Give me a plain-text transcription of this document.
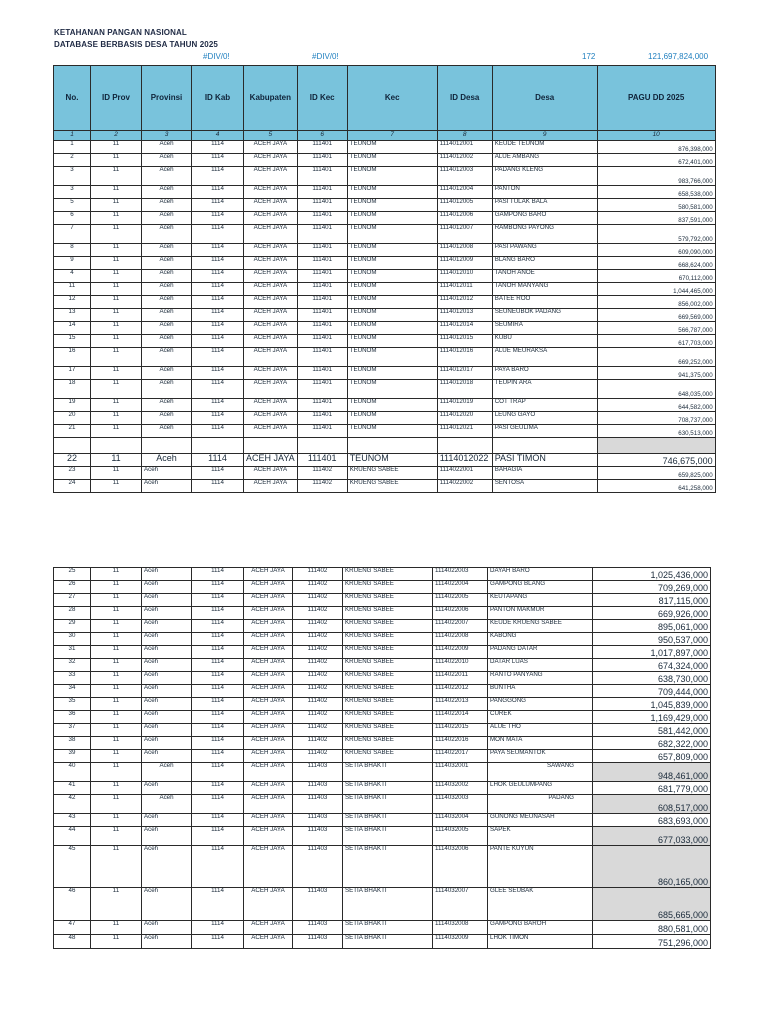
KETAHANAN PANGAN NASIONAL
DATABASE BERBASIS DESA TAHUN 2025
#DIV/0!	#DIV/0!	172	121,697,824,000
No.	ID Prov	Provinsi	ID Kab	Kabupaten	ID Kec	Kec	ID Desa	Desa	PAGU DD 2025
1	2	3	4	5	6	7	8	9	10
1	11	Aceh	1114	ACEH JAYA	111401	TEUNOM	1114012001	KEUDE TEUNOM	876,398,000
2	11	Aceh	1114	ACEH JAYA	111401	TEUNOM	1114012002	ALUE AMBANG	672,401,000
3	11	Aceh	1114	ACEH JAYA	111401	TEUNOM	1114012003	PADANG KLENG	983,766,000
3	11	Aceh	1114	ACEH JAYA	111401	TEUNOM	1114012004	PANTON	658,538,000
5	11	Aceh	1114	ACEH JAYA	111401	TEUNOM	1114012005	PASI TULAK BALA	580,581,000
6	11	Aceh	1114	ACEH JAYA	111401	TEUNOM	1114012006	GAMPONG BARO	837,591,000
7	11	Aceh	1114	ACEH JAYA	111401	TEUNOM	1114012007	RAMBONG PAYONG	579,792,000
8	11	Aceh	1114	ACEH JAYA	111401	TEUNOM	1114012008	PASI PAWANG	609,090,000
9	11	Aceh	1114	ACEH JAYA	111401	TEUNOM	1114012009	BLANG BARO	668,624,000
4	11	Aceh	1114	ACEH JAYA	111401	TEUNOM	1114012010	TANOH ANOE	670,112,000
11	11	Aceh	1114	ACEH JAYA	111401	TEUNOM	1114012011	TANOH MANYANG	1,044,465,000
12	11	Aceh	1114	ACEH JAYA	111401	TEUNOM	1114012012	BATEE ROO	856,002,000
13	11	Aceh	1114	ACEH JAYA	111401	TEUNOM	1114012013	SEUNEUBOK PADANG	669,569,000
14	11	Aceh	1114	ACEH JAYA	111401	TEUNOM	1114012014	SEUMIRA	566,787,000
15	11	Aceh	1114	ACEH JAYA	111401	TEUNOM	1114012015	KUBU	617,703,000
16	11	Aceh	1114	ACEH JAYA	111401	TEUNOM	1114012016	ALUE MEURAKSA	669,252,000
17	11	Aceh	1114	ACEH JAYA	111401	TEUNOM	1114012017	PAYA BARO	941,375,000
18	11	Aceh	1114	ACEH JAYA	111401	TEUNOM	1114012018	TEUPIN ARA	648,035,000
19	11	Aceh	1114	ACEH JAYA	111401	TEUNOM	1114012019	COT TRAP	644,582,000
20	11	Aceh	1114	ACEH JAYA	111401	TEUNOM	1114012020	LEUNG GAYO	708,737,000
21	11	Aceh	1114	ACEH JAYA	111401	TEUNOM	1114012021	PASI GEULIMA	630,513,000

22	11	Aceh	1114	ACEH JAYA	111401	TEUNOM	1114012022	PASI TIMON	746,675,000
23	11	Aceh	1114	ACEH JAYA	111402	KRUENG SABEE	1114022001	BAHAGIA	659,825,000
24	11	Aceh	1114	ACEH JAYA	111402	KRUENG SABEE	1114022002	SENTOSA	641,258,000
25	11	Aceh	1114	ACEH JAYA	111402	KRUENG SABEE	1114022003	DAYAH BARO	1,025,436,000
26	11	Aceh	1114	ACEH JAYA	111402	KRUENG SABEE	1114022004	GAMPONG BLANG	709,269,000
27	11	Aceh	1114	ACEH JAYA	111402	KRUENG SABEE	1114022005	KEUTAPANG	817,115,000
28	11	Aceh	1114	ACEH JAYA	111402	KRUENG SABEE	1114022006	PANTON MAKMUR	669,926,000
29	11	Aceh	1114	ACEH JAYA	111402	KRUENG SABEE	1114022007	KEUDE KRUENG SABEE	895,061,000
30	11	Aceh	1114	ACEH JAYA	111402	KRUENG SABEE	1114022008	KABONG	950,537,000
31	11	Aceh	1114	ACEH JAYA	111402	KRUENG SABEE	1114022009	PADANG DATAR	1,017,897,000
32	11	Aceh	1114	ACEH JAYA	111402	KRUENG SABEE	1114022010	DATAR LUAS	674,324,000
33	11	Aceh	1114	ACEH JAYA	111402	KRUENG SABEE	1114022011	RANTO PANYANG	638,730,000
34	11	Aceh	1114	ACEH JAYA	111402	KRUENG SABEE	1114022012	BUNTHA	709,444,000
35	11	Aceh	1114	ACEH JAYA	111402	KRUENG SABEE	1114022013	PANGGONG	1,045,839,000
36	11	Aceh	1114	ACEH JAYA	111402	KRUENG SABEE	1114022014	CUREK	1,169,429,000
37	11	Aceh	1114	ACEH JAYA	111402	KRUENG SABEE	1114022015	ALUE THO	581,442,000
38	11	Aceh	1114	ACEH JAYA	111402	KRUENG SABEE	1114022016	MON MATA	682,322,000
39	11	Aceh	1114	ACEH JAYA	111402	KRUENG SABEE	1114022017	PAYA SEUMANTOK	657,809,000
40	11	Aceh	1114	ACEH JAYA	111403	SETIA BHAKTI	1114032001	SAWANG	948,461,000
41	11	Aceh	1114	ACEH JAYA	111403	SETIA BHAKTI	1114032002	LHOK GEULUMPANG	681,779,000
42	11	Aceh	1114	ACEH JAYA	111403	SETIA BHAKTI	1114032003	PADANG	608,517,000
43	11	Aceh	1114	ACEH JAYA	111403	SETIA BHAKTI	1114032004	GUNONG MEUNASAH	683,693,000
44	11	Aceh	1114	ACEH JAYA	111403	SETIA BHAKTI	1114032005	SAPEK	677,033,000
45	11	Aceh	1114	ACEH JAYA	111403	SETIA BHAKTI	1114032006	PANTE KUYUN	860,165,000
46	11	Aceh	1114	ACEH JAYA	111403	SETIA BHAKTI	1114032007	GLEE SEUBAK	685,665,000
47	11	Aceh	1114	ACEH JAYA	111403	SETIA BHAKTI	1114032008	GAMPONG BAROH	880,581,000
48	11	Aceh	1114	ACEH JAYA	111403	SETIA BHAKTI	1114032009	LHOK TIMON	751,296,000
